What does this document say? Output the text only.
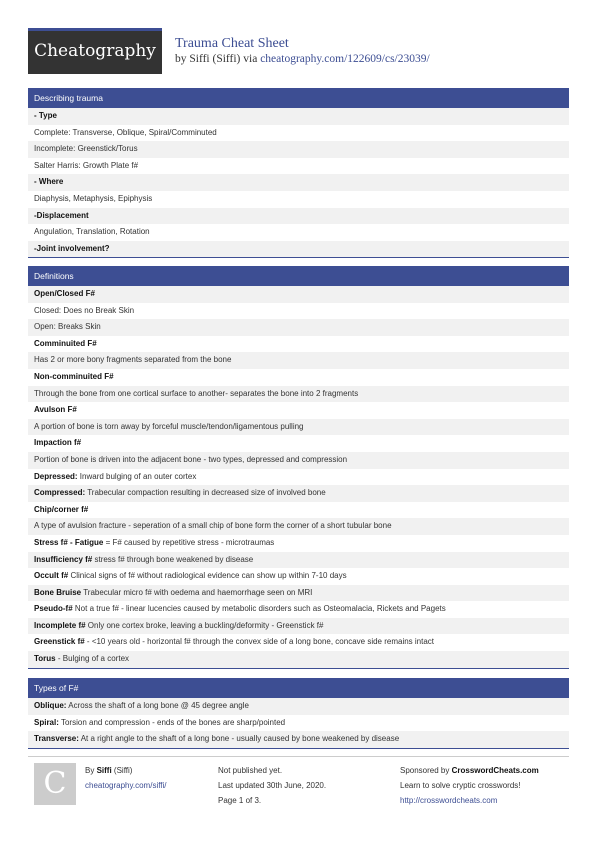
Cheatography	Trauma Cheat Sheet
by Siffi (Siffi) via cheatography.com/122609/cs/23039/
Describing trauma
- Type
Complete: Transverse, Oblique, Spiral/Comminuted
Incomplete: Greenstick/Torus
Salter Harris: Growth Plate f#
- Where
Diaphysis, Metaphysis, Epiphysis
-Displacement
Angulation, Translation, Rotation
-Joint involvement?
Definitions
Open/Closed F#
Closed: Does no Break Skin
Open: Breaks Skin
Comminuited F#
Has 2 or more bony fragments separated from the bone
Non-comminuited F#
Through the bone from one cortical surface to another- separates the bone into 2 fragments
Avulson F#
A portion of bone is torn away by forceful muscle/tendon/ligamentous pulling
Impaction f#
Portion of bone is driven into the adjacent bone - two types, depressed and compression
Depressed: Inward bulging of an outer cortex
Compressed: Trabecular compaction resulting in decreased size of involved bone
Chip/corner f#
A type of avulsion fracture - seperation of a small chip of bone form the corner of a short tubular bone
Stress f# - Fatigue = F# caused by repetitive stress - microtraumas
Insufficiency f# stress f# through bone weakened by disease
Occult f# Clinical signs of f# without radiological evidence can show up within 7-10 days
Bone Bruise Trabecular micro f# with oedema and haemorrhage seen on MRI
Pseudo-f# Not a true f# - linear lucencies caused by metabolic disorders such as Osteomalacia, Rickets and Pagets
Incomplete f# Only one cortex broke, leaving a buckling/deformity - Greenstick f#
Greenstick f# - <10 years old - horizontal f# through the convex side of a long bone, concave side remains intact
Torus - Bulging of a cortex
Types of F#
Oblique: Across the shaft of a long bone @ 45 degree angle
Spiral: Torsion and compression - ends of the bones are sharp/pointed
Transverse: At a right angle to the shaft of a long bone - usually caused by bone weakened by disease
C	By Siffi (Siffi)
cheatography.com/siffi/
Not published yet.
Last updated 30th June, 2020.
Page 1 of 3.
Sponsored by CrosswordCheats.com
Learn to solve cryptic crosswords!
http://crosswordcheats.com
